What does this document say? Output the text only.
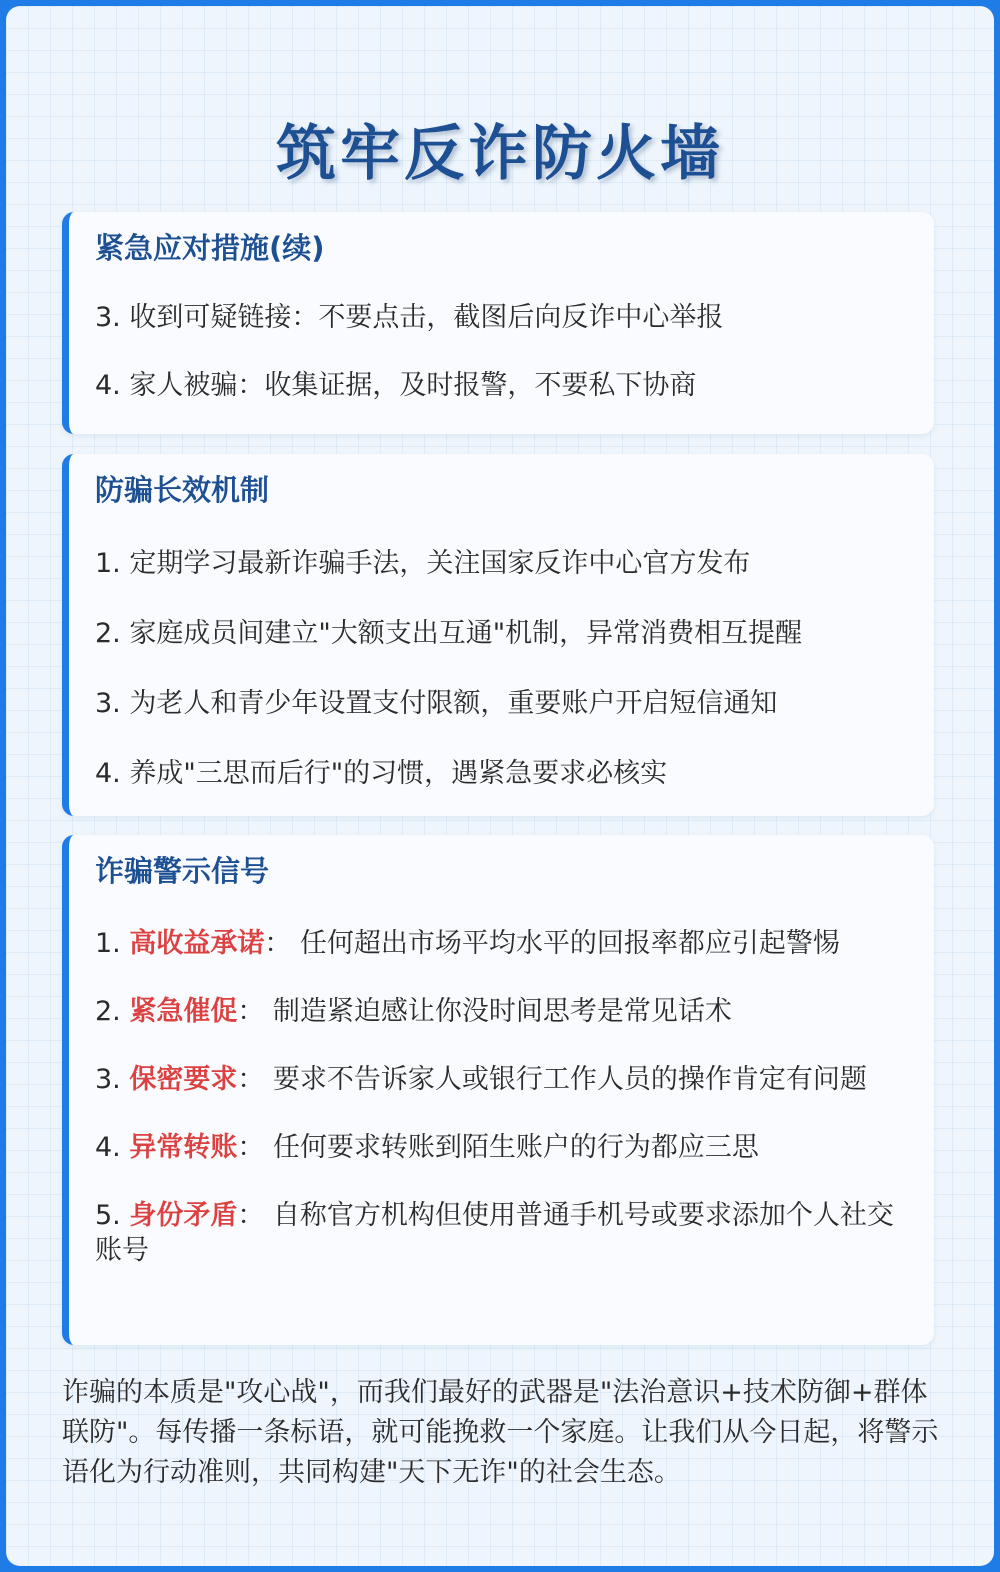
筑牢反诈防火墙
紧急应对措施(续)
3. 收到可疑链接：不要点击，截图后向反诈中心举报
4. 家人被骗：收集证据，及时报警，不要私下协商
防骗长效机制
1. 定期学习最新诈骗手法，关注国家反诈中心官方发布
2. 家庭成员间建立"大额支出互通"机制，异常消费相互提醒
3. 为老人和青少年设置支付限额，重要账户开启短信通知
4. 养成"三思而后行"的习惯，遇紧急要求必核实
诈骗警示信号
1. 高收益承诺： 任何超出市场平均水平的回报率都应引起警惕
2. 紧急催促： 制造紧迫感让你没时间思考是常见话术
3. 保密要求： 要求不告诉家人或银行工作人员的操作肯定有问题
4. 异常转账： 任何要求转账到陌生账户的行为都应三思
5. 身份矛盾： 自称官方机构但使用普通手机号或要求添加个人社交账号
诈骗的本质是"攻心战"，而我们最好的武器是"法治意识+技术防御+群体联防"。每传播一条标语，就可能挽救一个家庭。让我们从今日起，将警示语化为行动准则，共同构建"天下无诈"的社会生态。
